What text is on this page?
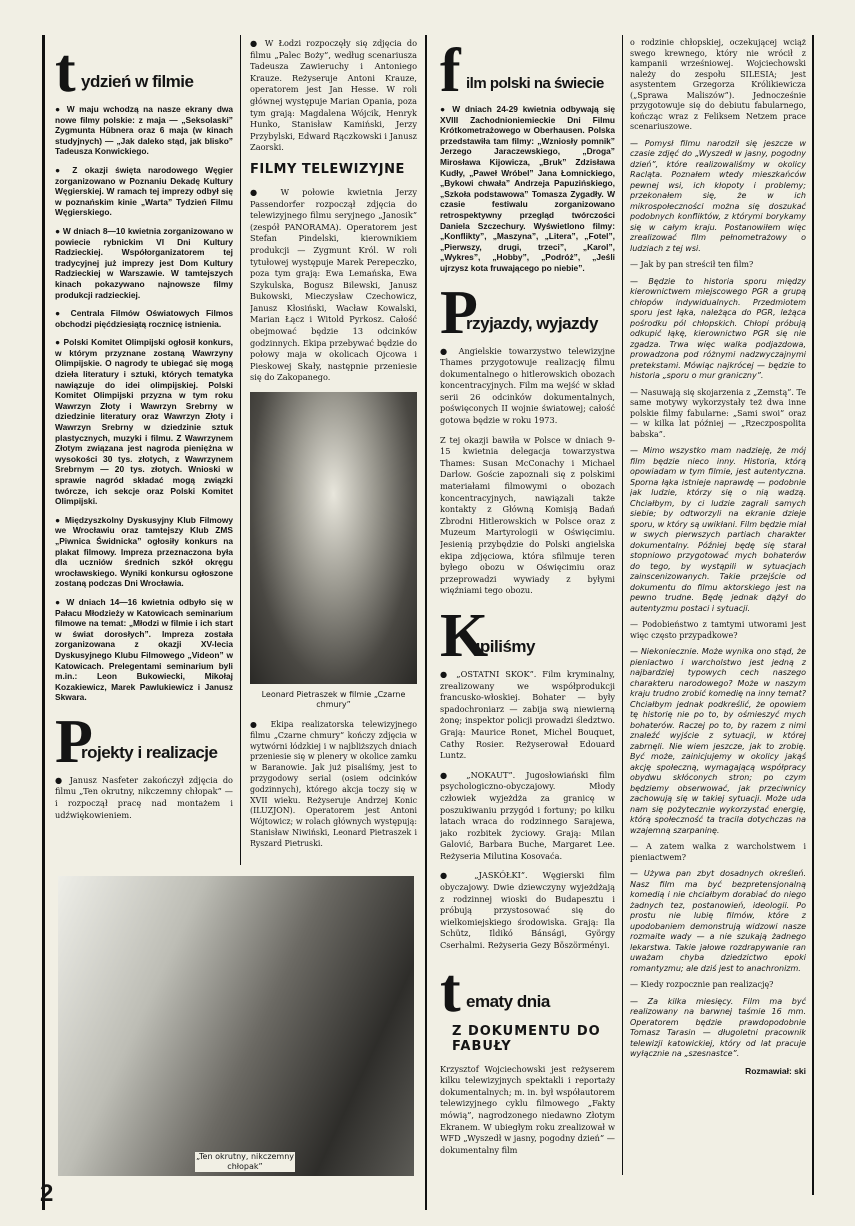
t ydzień w filmie

● W maju wchodzą na nasze ekrany dwa nowe filmy polskie: z maja — „Seksolaski” Zygmunta Hübnera oraz 6 maja (w kinach studyjnych) — „Jak daleko stąd, jak blisko” Tadeusza Konwickiego.

● Z okazji święta narodowego Węgier zorganizowano w Poznaniu Dekadę Kultury Węgierskiej. W ramach tej imprezy odbył się w poznańskim kinie „Warta” Tydzień Filmu Węgierskiego.

● W dniach 8—10 kwietnia zorganizowano w powiecie rybnickim VI Dni Kultury Radzieckiej. Współorganizatorem tej tradycyjnej już imprezy jest Dom Kultury Radzieckiej w Warszawie. W tamtejszych kinach pokazywano najnowsze filmy produkcji radzieckiej.

● Centrala Filmów Oświatowych Filmos obchodzi pięćdziesiątą rocznicę istnienia.

● Polski Komitet Olimpijski ogłosił konkurs, w którym przyznane zostaną Wawrzyny Olimpijskie. O nagrody te ubiegać się mogą dzieła literatury i sztuki, których tematyka nawiązuje do idei olimpijskiej. Polski Komitet Olimpijski przyzna w tym roku Wawrzyn Złoty i Wawrzyn Srebrny w dziedzinie literatury oraz Wawrzyn Złoty i Wawrzyn Srebrny w dziedzinie sztuk plastycznych, muzyki i filmu. Z Wawrzynem Złotym związana jest nagroda pieniężna w wysokości 30 tys. złotych, z Wawrzynem Srebrnym — 20 tys. złotych. Wnioski w sprawie nagród składać mogą związki twórcze, ich sekcje oraz Polski Komitet Olimpijski.

● Międzyszkolny Dyskusyjny Klub Filmowy we Wrocławiu oraz tamtejszy Klub ZMS „Piwnica Świdnicka” ogłosiły konkurs na plakat filmowy. Impreza przeznaczona była dla uczniów średnich szkół okręgu wrocławskiego. Wyniki konkursu ogłoszone zostaną podczas Dni Wrocławia.

● W dniach 14—16 kwietnia odbyło się w Pałacu Młodzieży w Katowicach seminarium filmowe na temat: „Młodzi w filmie i ich start w świat dorosłych”. Impreza została zorganizowana z okazji XV-lecia Dyskusyjnego Klubu Filmowego „Videon” w Katowicach. Prelegentami seminarium byli m.in.: Leon Bukowiecki, Mikołaj Kozakiewicz, Marek Pawlukiewicz i Janusz Skwara.

P
rojekty i realizacje

● Janusz Nasfeter zakończył zdjęcia do filmu „Ten okrutny, nikczemny chłopak” — i rozpoczął pracę nad montażem i udźwiękowieniem.

● W Łodzi rozpoczęły się zdjęcia do filmu „Palec Boży”, według scenariusza Tadeusza Zawieruchy i Antoniego Krauze. Reżyseruje Antoni Krauze, operatorem jest Jan Hesse. W roli głównej występuje Marian Opania, poza tym grają: Magdalena Wójcik, Henryk Hunko, Stanisław Kamiński, Jerzy Przybylski, Edward Rączkowski i Janusz Zaorski.

FILMY TELEWIZYJNE

● W połowie kwietnia Jerzy Passendorfer rozpoczął zdjęcia do telewizyjnego filmu seryjnego „Janosik” (zespół PANORAMA). Operatorem jest Stefan Pindelski, kierownikiem produkcji — Zygmunt Król. W roli tytułowej występuje Marek Perepeczko, poza tym grają: Ewa Lemańska, Ewa Szykulska, Bogusz Bilewski, Janusz Bukowski, Mieczysław Czechowicz, Janusz Kłosiński, Wacław Kowalski, Marian Łącz i Witold Pyrkosz. Całość obejmować będzie 13 odcinków godzinnych. Ekipa przebywać będzie do połowy maja w okolicach Ojcowa i Pieskowej Skały, następnie przeniesie się do Zakopanego.

Leonard Pietraszek w filmie „Czarne chmury”

● Ekipa realizatorska telewizyjnego filmu „Czarne chmury” kończy zdjęcia w wytwórni łódzkiej i w najbliższych dniach przeniesie się w plenery w okolice zamku w Baranowie. Jak już pisaliśmy, jest to przygodowy serial (osiem odcinków godzinnych), którego akcja toczy się w XVII wieku. Reżyseruje Andrzej Konic (ILUZJON). Operatorem jest Antoni Wójtowicz; w rolach głównych występują: Stanisław Niwiński, Leonard Pietraszek i Ryszard Pietruski.

„Ten okrutny, nikczemny chłopak”
f ilm polski na świecie

● W dniach 24-29 kwietnia odbywają się XVIII Zachodnioniemieckie Dni Filmu Krótkometrażowego w Oberhausen. Polska przedstawiła tam filmy: „Wzniosły pomnik” Jerzego Jaraczewskiego, „Droga” Mirosława Kijowicza, „Bruk” Zdzisława Kudły, „Paweł Wróbel” Jana Łomnickiego, „Bykowi chwała” Andrzeja Papuzińskiego, „Szkoła podstawowa” Tomasza Zygadły. W czasie festiwalu zorganizowano retrospektywny przegląd twórczości Daniela Szczechury. Wyświetlono filmy: „Konflikty”, „Maszyna”, „Litera”, „Fotel”, „Pierwszy, drugi, trzeci”, „Karol”, „Wykres”, „Hobby”, „Podróż”, „Jeśli ujrzysz kota fruwającego po niebie”.

P
rzyjazdy, wyjazdy

● Angielskie towarzystwo telewizyjne Thames przygotowuje realizację filmu dokumentalnego o hitlerowskich obozach koncentracyjnych. Film ma wejść w skład serii 26 odcinków dokumentalnych, poświęconych II wojnie światowej; całość gotowa będzie w roku 1973.

Z tej okazji bawiła w Polsce w dniach 9-15 kwietnia delegacja towarzystwa Thames: Susan McConachy i Michael Darlow. Goście zapoznali się z polskimi materiałami filmowymi o obozach koncentracyjnych, nawiązali także kontakty z Główną Komisją Badań Zbrodni Hitlerowskich w Polsce oraz z Muzeum Martyrologii w Oświęcimiu. Jesienią przybędzie do Polski angielska ekipa zdjęciowa, która sfilmuje teren byłego obozu w Oświęcimiu oraz przeprowadzi wywiady z byłymi więźniami tego obozu.

K
upiliśmy

● „OSTATNI SKOK”. Film kryminalny, zrealizowany we współprodukcji francusko-włoskiej. Bohater — były spadochroniarz — zabija swą niewierną żonę; inspektor policji prowadzi śledztwo. Grają: Maurice Ronet, Michel Bouquet, Cathy Rosier. Reżyserował Edouard Luntz.

● „NOKAUT”. Jugosłowiański film psychologiczno-obyczajowy. Młody człowiek wyjeżdża za granicę w poszukiwaniu przygód i fortuny; po kilku latach wraca do rodzinnego Sarajewa, jako rozbitek życiowy. Grają: Milan Galović, Barbara Buche, Margaret Lee. Reżyseria Milutina Kosovaća.

● „JASKÓŁKI”. Węgierski film obyczajowy. Dwie dziewczyny wyjeżdżają z rodzinnej wioski do Budapesztu i próbują przystosować się do wielkomiejskiego środowiska. Grają: Ila Schütz, Ildikó Bánsági, György Cserhalmi. Reżyseria Gezy Böszörményi.

t ematy dnia
Z DOKUMENTU DO FABUŁY

Krzysztof Wojciechowski jest reżyserem kilku telewizyjnych spektakli i reportaży dokumentalnych; m. in. był współautorem telewizyjnego cyklu filmowego „Fakty mówią”, nagrodzonego niedawno Złotym Ekranem. W ubiegłym roku zrealizował w WFD „Wyszedł w jasny, pogodny dzień” — dokumentalny film

o rodzinie chłopskiej, oczekującej wciąż swego krewnego, który nie wrócił z kampanii wrześniowej. Wojciechowski należy do zespołu SILESIA; jest asystentem Grzegorza Królikiewicza („Sprawa Maliszów”). Jednocześnie przygotowuje się do debiutu fabularnego, kończąc wraz z Feliksem Netzem prace scenariuszowe.

— Pomysł filmu narodził się jeszcze w czasie zdjęć do „Wyszedł w jasny, pogodny dzień”, które realizowaliśmy w okolicy Racląta. Poznałem wtedy mieszkańców pewnej wsi, ich kłopoty i problemy; przekonałem się, że w ich mikrospołeczności można się doszukać podobnych konfliktów, z którymi borykamy się w całym kraju. Postanowiłem więc zrealizować film pełnometrażowy o ludziach z tej wsi.

— Jak by pan streścił ten film?

— Będzie to historia sporu między kierownictwem miejscowego PGR a grupą chłopów indywidualnych. Przedmiotem sporu jest łąka, należąca do PGR, leżąca pośrodku pól chłopskich. Chłopi próbują odkupić łąkę, kierownictwo PGR się nie zgadza. Trwa więc walka podjazdowa, prowadzona pod różnymi nadzwyczajnymi pretekstami. Mówiąc najkrócej — będzie to historia „sporu o mur graniczny”.

— Nasuwają się skojarzenia z „Zemstą”. Te same motywy wykorzystały też dwa inne polskie filmy fabularne: „Sami swoi” oraz — w kilka lat później — „Rzeczpospolita babska”.

— Mimo wszystko mam nadzieję, że mój film będzie nieco inny. Historia, którą opowiadam w tym filmie, jest autentyczna. Sporna łąka istnieje naprawdę — podobnie jak ludzie, którzy się o nią wadzą. Chciałbym, by ci ludzie zagrali samych siebie; by odtworzyli na ekranie dzieje sporu, w który są uwikłani. Film będzie miał w swych pierwszych partiach charakter dokumentalny. Później będę się starał stopniowo przygotować mych bohaterów do tego, by wystąpili w sytuacjach zainscenizowanych. Takie przejście od dokumentu do filmu aktorskiego jest na pewno trudne. Będę jednak dążył do autentyzmu postaci i sytuacji.

— Podobieństwo z tamtymi utworami jest więc często przypadkowe?

— Niekoniecznie. Może wynika ono stąd, że pieniactwo i warcholstwo jest jedną z najbardziej typowych cech naszego charakteru narodowego? Może w naszym kraju trudno zrobić komedię na inny temat? Chciałbym jednak podkreślić, że opowiem tę historię nie po to, by ośmieszyć mych bohaterów. Raczej po to, by razem z nimi znaleźć wyjście z sytuacji, w której zabrnęli. Nie wiem jeszcze, jak to zrobię. Być może, zainicjujemy w okolicy jakąś akcję społeczną, wymagającą współpracy obydwu skłóconych stron; po czym będziemy obserwować, jak przeciwnicy zachowują się w takiej sytuacji. Może uda nam się pożytecznie wykorzystać energię, którą społeczność ta tracila dotychczas na wzajemną szarpaninę.

— A zatem walka z warcholstwem i pieniactwem?

— Używa pan zbyt dosadnych określeń. Nasz film ma być bezpretensjonalną komedią i nie chciałbym dorabiać do niego żadnych tez, postanowień, ideologii. Po prostu nie lubię filmów, które z upodobaniem demonstrują widzowi nasze rozmaite wady — a nie szukają żadnego lekarstwa. Takie jałowe rozdrapywanie ran uważam chyba dziedzictwo epoki romantyzmu; ale dziś jest to anachronizm.

— Kiedy rozpocznie pan realizację?

— Za kilka miesięcy. Film ma być realizowany na barwnej taśmie 16 mm. Operatorem będzie prawdopodobnie Tomasz Tarasin — długoletni pracownik telewizji katowickiej, który od lat pracuje wyłącznie na „szesnastce”.

Rozmawiał: ski
2
